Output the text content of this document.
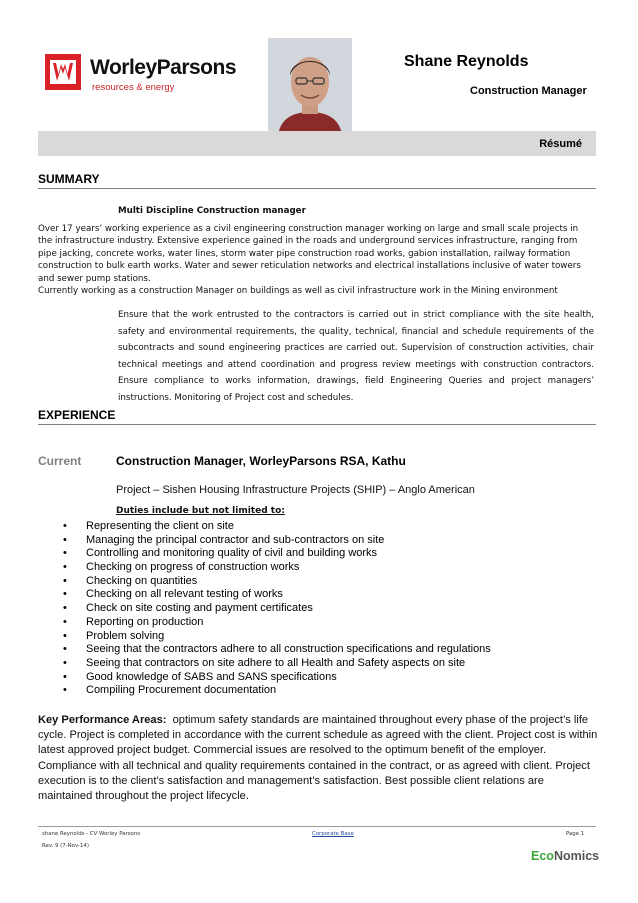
WorleyParsons
resources & energy
Shane Reynolds
Construction Manager
Résumé
SUMMARY
Multi Discipline Construction manager
Over 17 years’ working experience as a civil engineering construction manager working on large and small scale projects in
the infrastructure industry. Extensive experience gained in the roads and underground services infrastructure, ranging from
pipe jacking, concrete works, water lines, storm water pipe construction road works, gabion installation, railway formation
construction to bulk earth works. Water and sewer reticulation networks and electrical installations inclusive of water towers
and sewer pump stations.
Currently working as a construction Manager on buildings as well as civil infrastructure work in the Mining environment
Ensure that the work entrusted to the contractors is carried out in strict compliance with the site health,
safety and environmental requirements, the quality, technical, financial and schedule requirements of the
subcontracts and sound engineering practices are carried out. Supervision of construction activities, chair
technical meetings and attend coordination and progress review meetings with construction contractors.
Ensure compliance to works information, drawings, field Engineering Queries and project managers’
instructions. Monitoring of Project cost and schedules.
EXPERIENCE
Current	Construction Manager, WorleyParsons RSA, Kathu
Project – Sishen Housing Infrastructure Projects (SHIP) – Anglo American
Duties include but not limited to:
• Representing the client on site
• Managing the principal contractor and sub-contractors on site
• Controlling and monitoring quality of civil and building works
• Checking on progress of construction works
• Checking on quantities
• Checking on all relevant testing of works
• Check on site costing and payment certificates
• Reporting on production
• Problem solving
• Seeing that the contractors adhere to all construction specifications and regulations
• Seeing that contractors on site adhere to all Health and Safety aspects on site
• Good knowledge of SABS and SANS specifications
• Compiling Procurement documentation
Key Performance Areas: optimum safety standards are maintained throughout every phase of the project’s life cycle. Project is completed in accordance with the current schedule as agreed with the client. Project cost is within latest approved project budget. Commercial issues are resolved to the optimum benefit of the employer. Compliance with all technical and quality requirements contained in the contract, or as agreed with client. Project execution is to the client’s satisfaction and management’s satisfaction. Best possible client relations are maintained throughout the project lifecycle.
shane Reynolds - CV Worley Parsons	Corporate Base	Page 1
Rev. 9 (7-Nov-14)
EcoNomics
